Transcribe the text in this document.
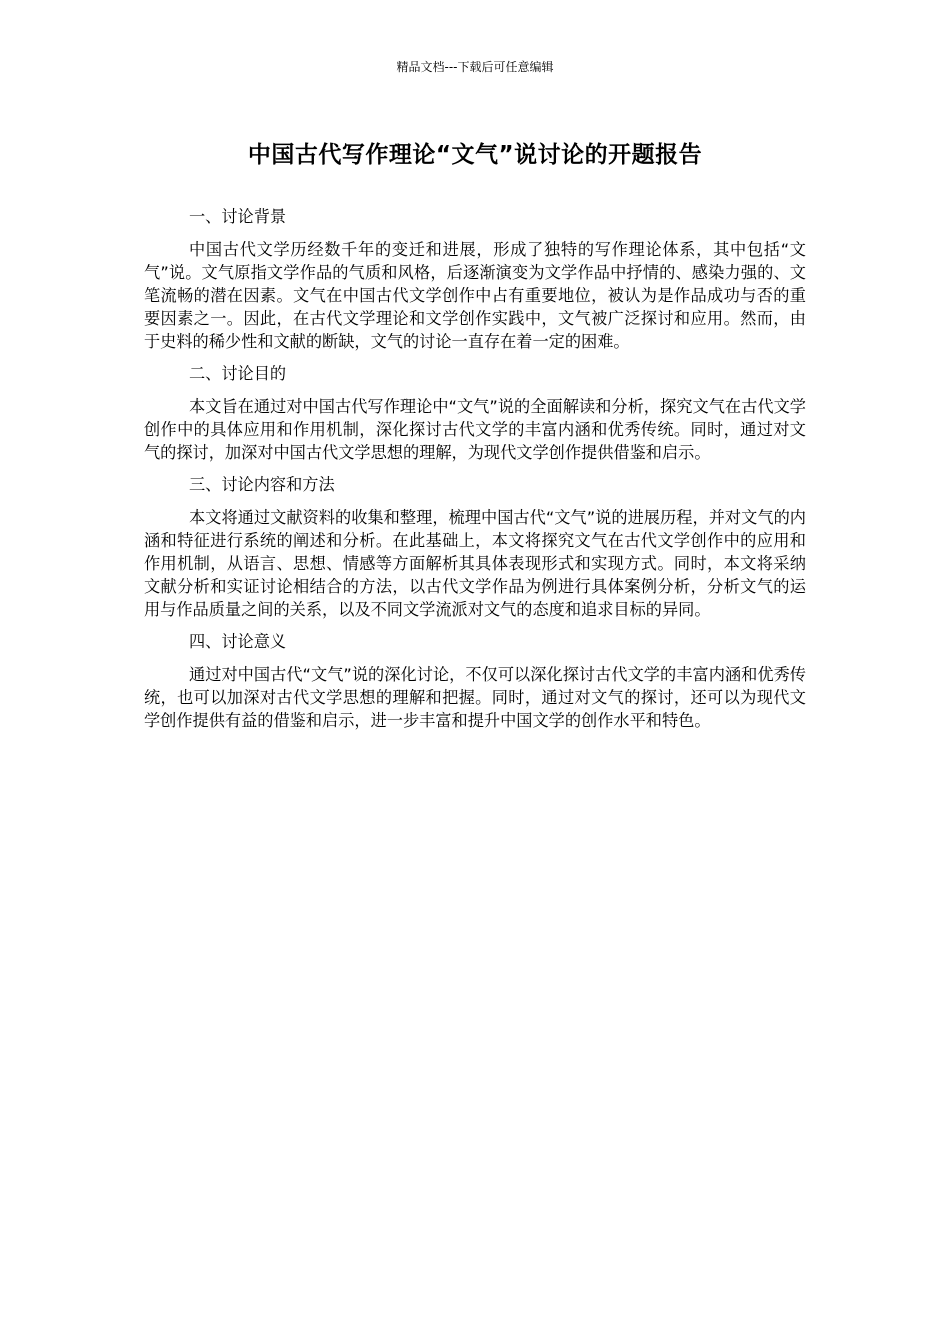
精品文档---下载后可任意编辑
中国古代写作理论“文气”说讨论的开题报告

一、讨论背景

中国古代文学历经数千年的变迁和进展，形成了独特的写作理论体系，其中包括“文气”说。文气原指文学作品的气质和风格，后逐渐演变为文学作品中抒情的、感染力强的、文笔流畅的潜在因素。文气在中国古代文学创作中占有重要地位，被认为是作品成功与否的重要因素之一。因此，在古代文学理论和文学创作实践中，文气被广泛探讨和应用。然而，由于史料的稀少性和文献的断缺，文气的讨论一直存在着一定的困难。

二、讨论目的

本文旨在通过对中国古代写作理论中“文气”说的全面解读和分析，探究文气在古代文学创作中的具体应用和作用机制，深化探讨古代文学的丰富内涵和优秀传统。同时，通过对文气的探讨，加深对中国古代文学思想的理解，为现代文学创作提供借鉴和启示。

三、讨论内容和方法

本文将通过文献资料的收集和整理，梳理中国古代“文气”说的进展历程，并对文气的内涵和特征进行系统的阐述和分析。在此基础上，本文将探究文气在古代文学创作中的应用和作用机制，从语言、思想、情感等方面解析其具体表现形式和实现方式。同时，本文将采纳文献分析和实证讨论相结合的方法，以古代文学作品为例进行具体案例分析，分析文气的运用与作品质量之间的关系，以及不同文学流派对文气的态度和追求目标的异同。

四、讨论意义

通过对中国古代“文气”说的深化讨论，不仅可以深化探讨古代文学的丰富内涵和优秀传统，也可以加深对古代文学思想的理解和把握。同时，通过对文气的探讨，还可以为现代文学创作提供有益的借鉴和启示，进一步丰富和提升中国文学的创作水平和特色。
